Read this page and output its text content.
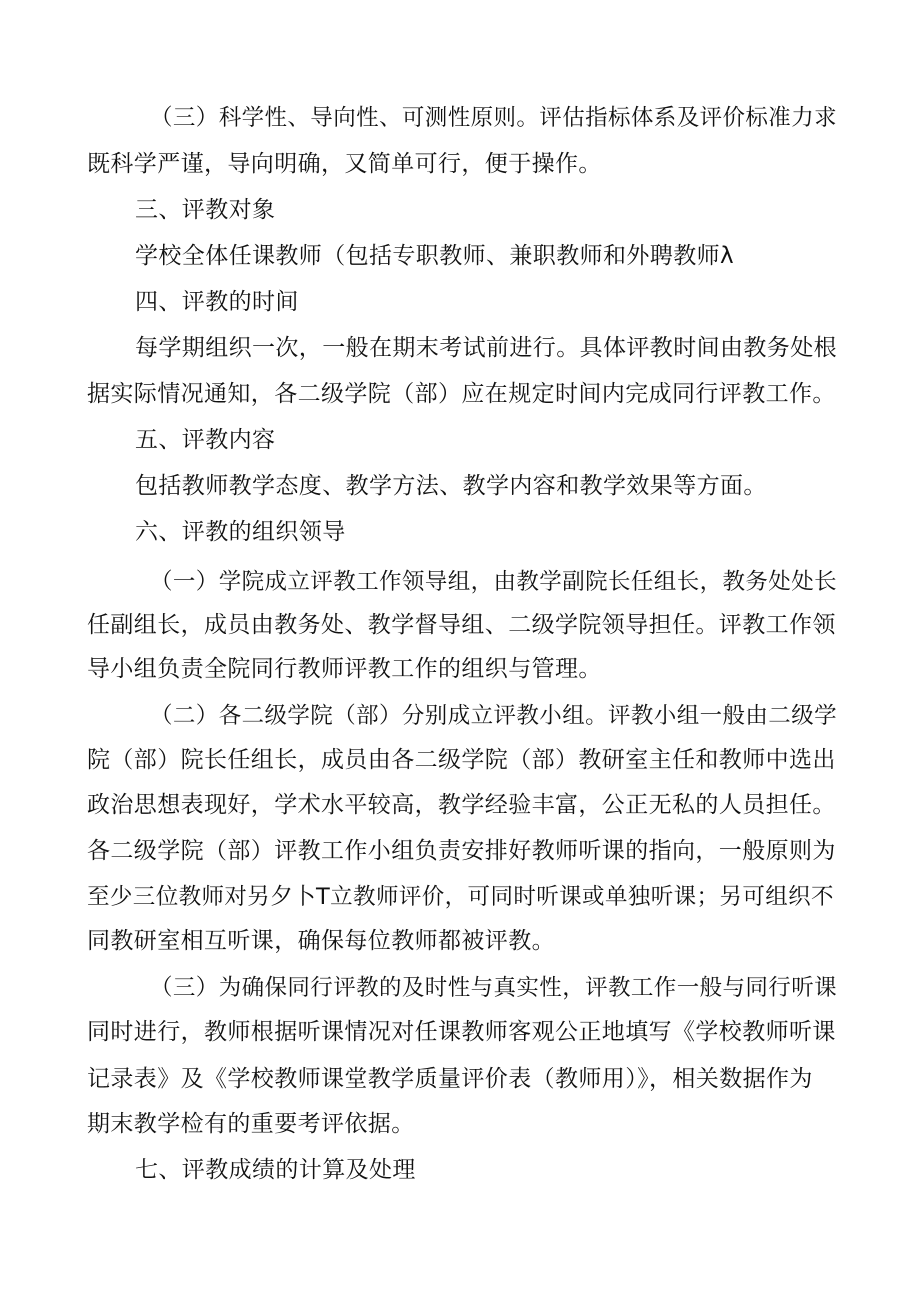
（三）科学性、导向性、可测性原则。评估指标体系及评价标准力求
既科学严谨，导向明确，又简单可行，便于操作。
三、评教对象
学校全体任课教师（包括专职教师、兼职教师和外聘教师λ
四、评教的时间
每学期组织一次，一般在期末考试前进行。具体评教时间由教务处根
据实际情况通知，各二级学院（部）应在规定时间内完成同行评教工作。
五、评教内容
包括教师教学态度、教学方法、教学内容和教学效果等方面。
六、评教的组织领导
（一）学院成立评教工作领导组，由教学副院长任组长，教务处处长
任副组长，成员由教务处、教学督导组、二级学院领导担任。评教工作领
导小组负责全院同行教师评教工作的组织与管理。
（二）各二级学院（部）分别成立评教小组。评教小组一般由二级学
院（部）院长任组长，成员由各二级学院（部）教研室主任和教师中选出
政治思想表现好，学术水平较高，教学经验丰富，公正无私的人员担任。
各二级学院（部）评教工作小组负责安排好教师听课的指向，一般原则为
至少三位教师对另夕卜T立教师评价，可同时听课或单独听课；另可组织不
同教研室相互听课，确保每位教师都被评教。
（三）为确保同行评教的及时性与真实性，评教工作一般与同行听课
同时进行，教师根据听课情况对任课教师客观公正地填写《学校教师听课
记录表》及《学校教师课堂教学质量评价表（教师用）》，相关数据作为
期末教学检有的重要考评依据。
七、评教成绩的计算及处理
